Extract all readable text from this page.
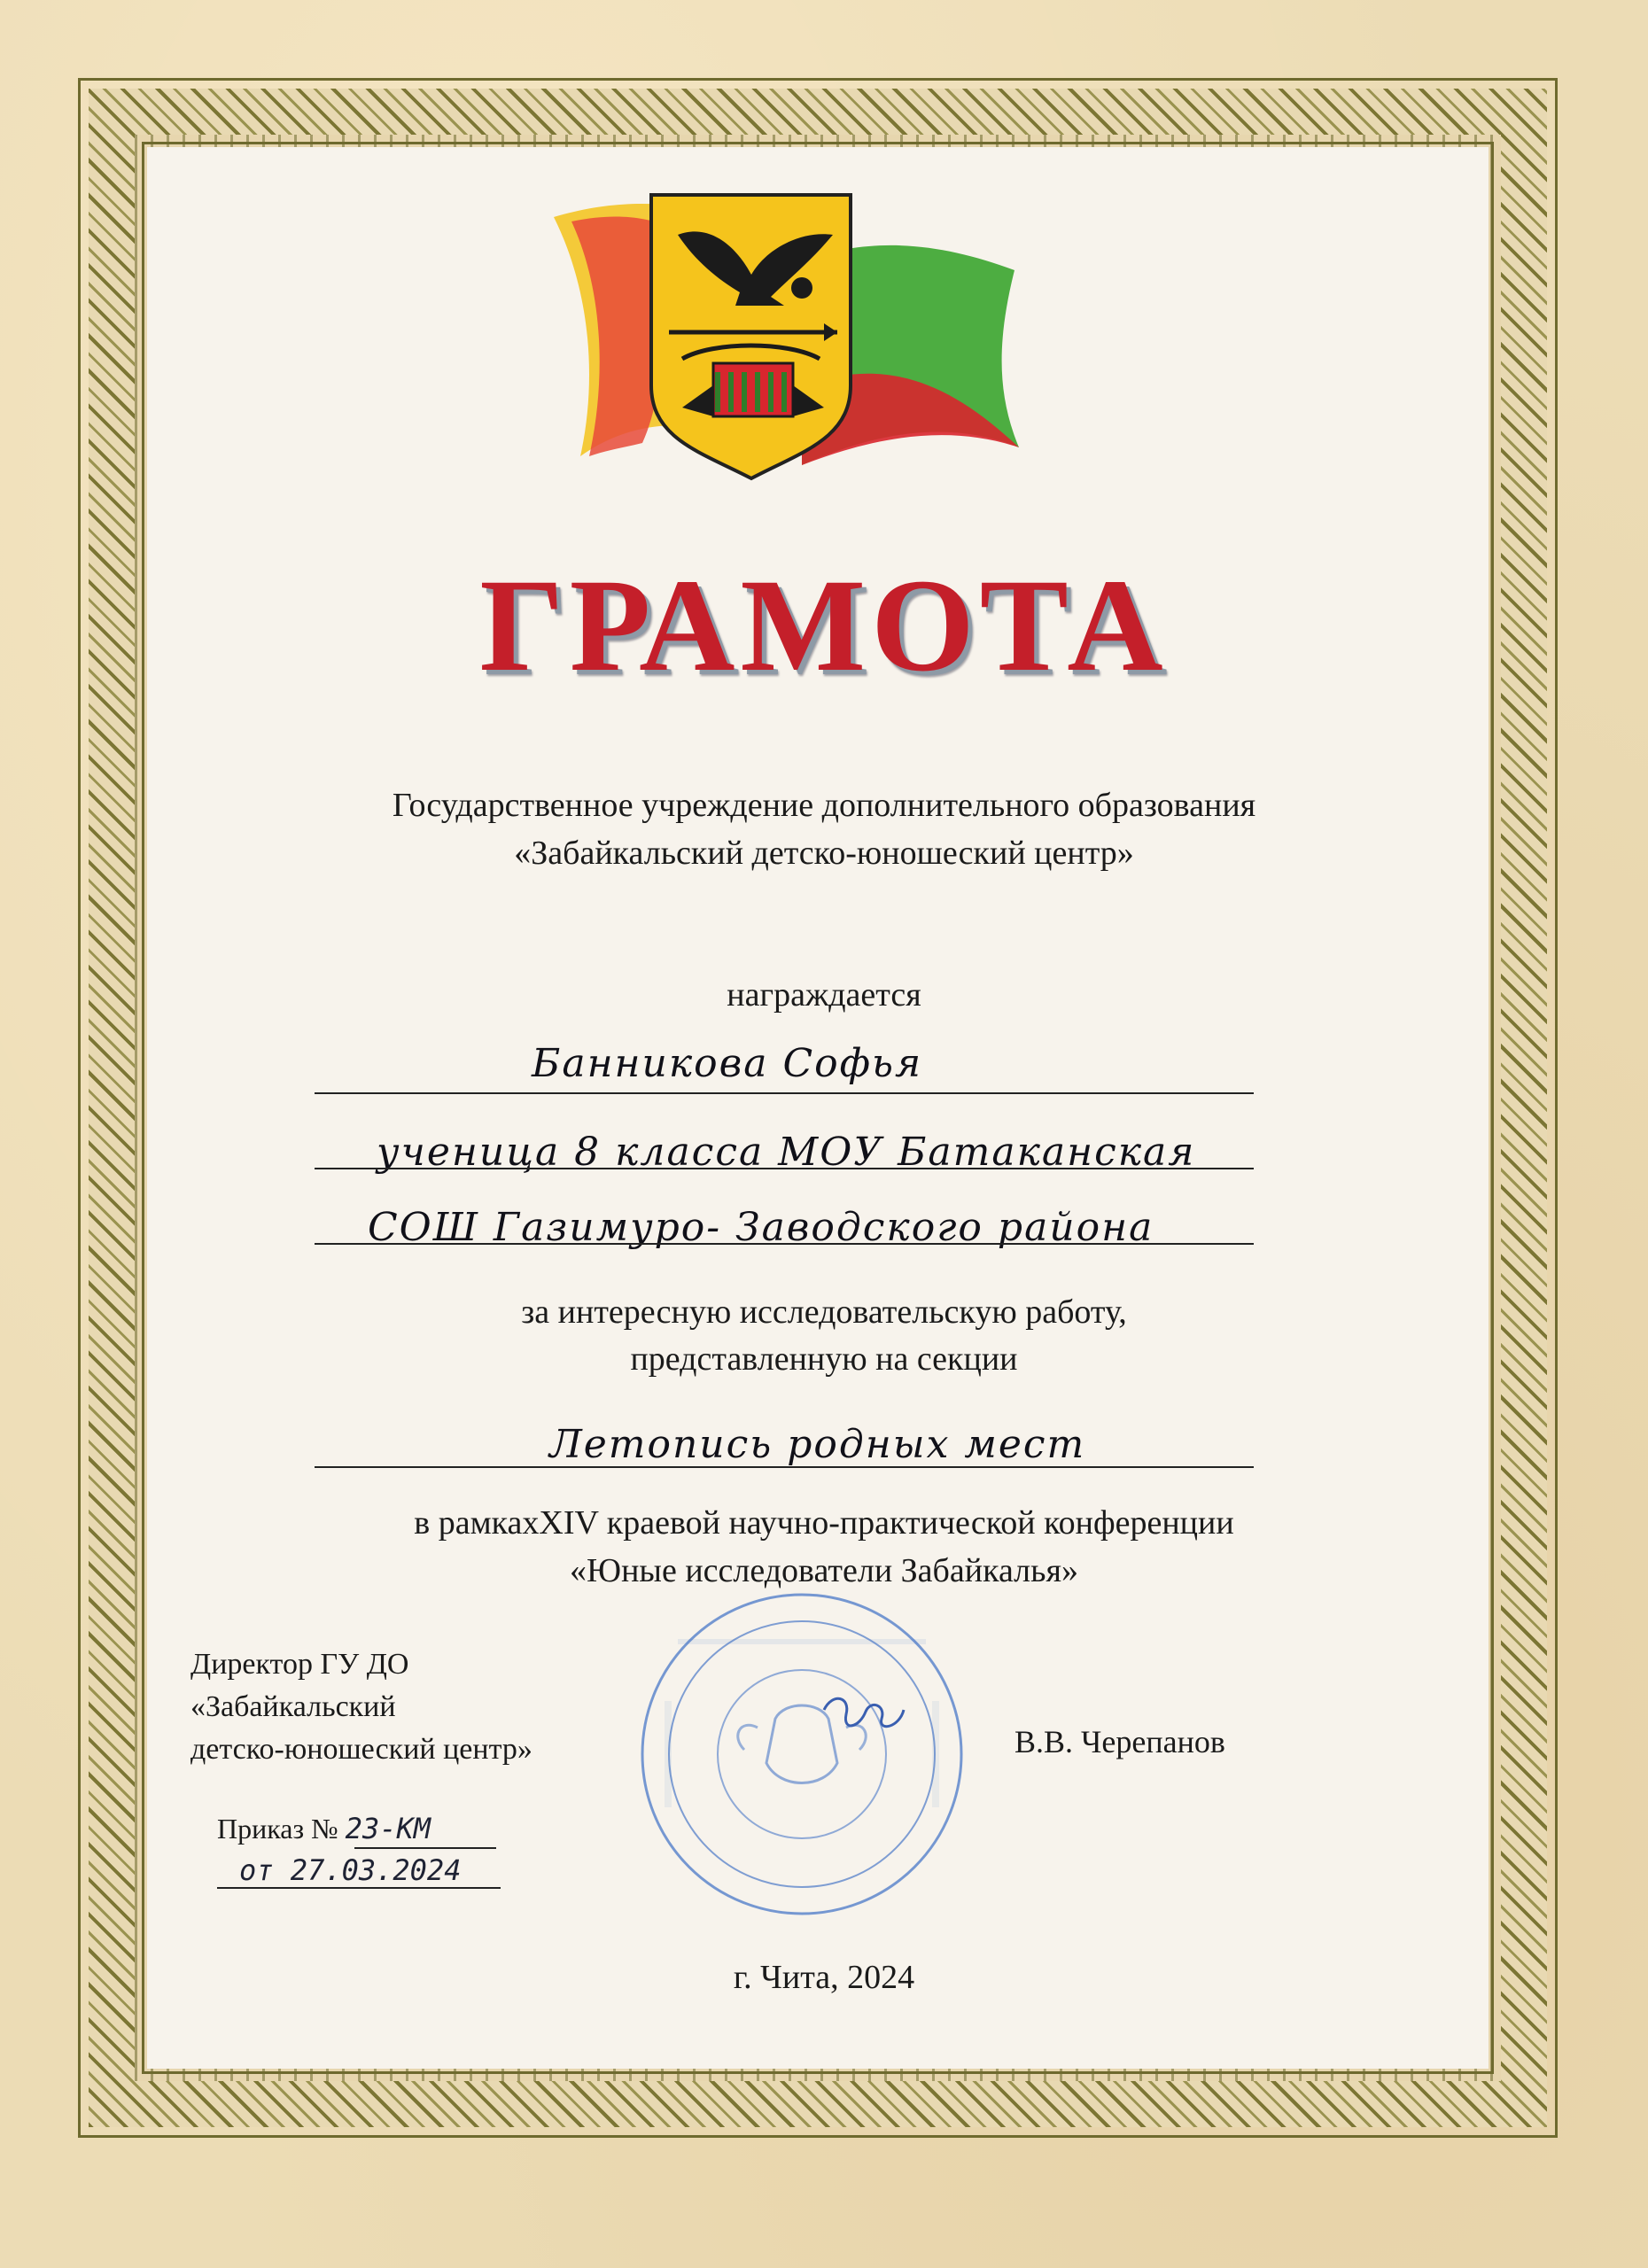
ГРАМОТА
Государственное учреждение дополнительного образования
«Забайкальский детско-юношеский центр»
награждается
Банникова Софья
ученица 8 класса МОУ Батаканская
СОШ Газимуро- Заводского района
за интересную исследовательскую работу,
представленную на секции
Летопись родных мест
в рамкахXIV краевой научно-практической конференции
«Юные исследователи Забайкалья»
Директор ГУ ДО
«Забайкальский
детско-юношеский центр»
Приказ № 23-КМ
от 27.03.2024
В.В. Черепанов
г. Чита, 2024
